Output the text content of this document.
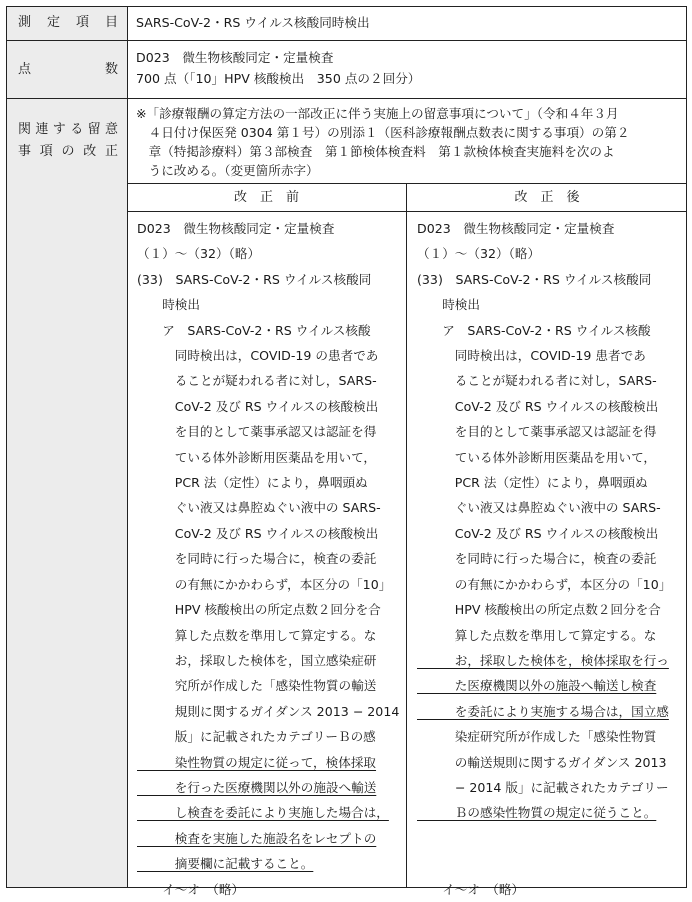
測 定 項 目 SARS-CoV-2・RS ウイルス核酸同時検出
点 数
D023　微生物核酸同定・定量検査
700 点（「10」HPV 核酸検出　350 点の２回分）
関連する留意
事 項 の 改 正
※「診療報酬の算定方法の一部改正に伴う実施上の留意事項について」（令和４年３月
　４日付け保医発 0304 第１号）の別添１（医科診療報酬点数表に関する事項）の第２
　章（特掲診療料）第３部検査　第１節検体検査料　第１款検体検査実施料を次のよ
　うに改める。（変更箇所赤字）
改　正　前	改　正　後
D023　微生物核酸同定・定量検査
（１）～（32）（略）
(33)　SARS-CoV-2・RS ウイルス核酸同
　　時検出
　　ア　SARS-CoV-2・RS ウイルス核酸
　　　同時検出は，COVID-19 の患者であ
　　　ることが疑われる者に対し，SARS-
　　　CoV-2 及び RS ウイルスの核酸検出
　　　を目的として薬事承認又は認証を得
　　　ている体外診断用医薬品を用いて，
　　　PCR 法（定性）により，鼻咽頭ぬ
　　　ぐい液又は鼻腔ぬぐい液中の SARS-
　　　CoV-2 及び RS ウイルスの核酸検出
　　　を同時に行った場合に，検査の委託
　　　の有無にかかわらず，本区分の「10」
　　　HPV 核酸検出の所定点数２回分を合
　　　算した点数を準用して算定する。な
　　　お，採取した検体を，国立感染症研
　　　究所が作成した「感染性物質の輸送
　　　規則に関するガイダンス 2013 − 2014
　　　版」に記載されたカテゴリーＢの感
　　　染性物質の規定に従って，検体採取
　　　を行った医療機関以外の施設へ輸送
　　　し検査を委託により実施した場合は，
　　　検査を実施した施設名をレセプトの
　　　摘要欄に記載すること。
　　イ～オ　（略）
D023　微生物核酸同定・定量検査
（１）～（32）（略）
(33)　SARS-CoV-2・RS ウイルス核酸同
　　時検出
　　ア　SARS-CoV-2・RS ウイルス核酸
　　　同時検出は，COVID-19 患者であ
　　　ることが疑われる者に対し，SARS-
　　　CoV-2 及び RS ウイルスの核酸検出
　　　を目的として薬事承認又は認証を得
　　　ている体外診断用医薬品を用いて，
　　　PCR 法（定性）により，鼻咽頭ぬ
　　　ぐい液又は鼻腔ぬぐい液中の SARS-
　　　CoV-2 及び RS ウイルスの核酸検出
　　　を同時に行った場合に，検査の委託
　　　の有無にかかわらず，本区分の「10」
　　　HPV 核酸検出の所定点数２回分を合
　　　算した点数を準用して算定する。な
　　　お，採取した検体を，検体採取を行っ
　　　た医療機関以外の施設へ輸送し検査
　　　を委託により実施する場合は，国立感
　　　染症研究所が作成した「感染性物質
　　　の輸送規則に関するガイダンス 2013
　　　− 2014 版」に記載されたカテゴリー
　　　Ｂの感染性物質の規定に従うこと。

　　イ～オ　（略）
